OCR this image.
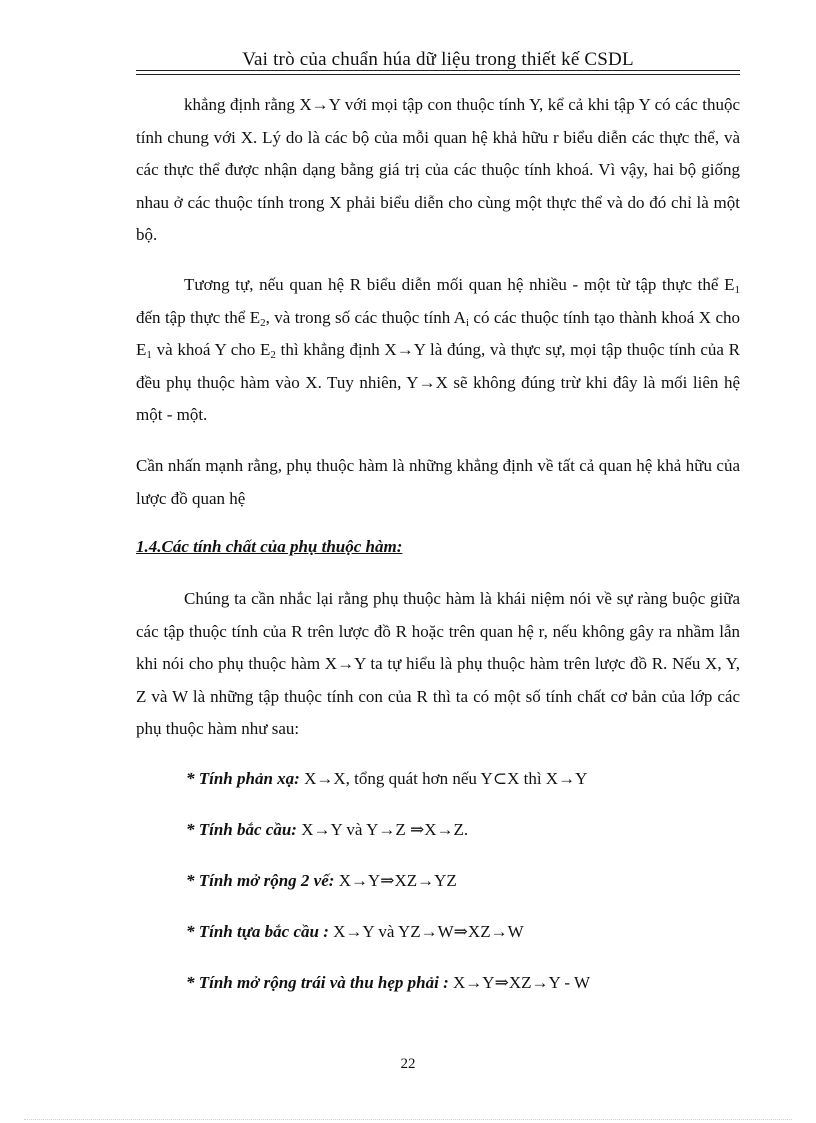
Vai trò của chuẩn húa dữ liệu trong thiết kế CSDL

khẳng định rằng X→Y với mọi tập con thuộc tính Y, kể cả khi tập Y có các thuộc tính chung với X. Lý do là các bộ của mỗi quan hệ khả hữu r biểu diễn các thực thể, và các thực thể được nhận dạng bằng giá trị của các thuộc tính khoá. Vì vậy, hai bộ giống nhau ở các thuộc tính trong X phải biểu diễn cho cùng một thực thể và do đó chỉ là một bộ.

Tương tự, nếu quan hệ R biểu diễn mối quan hệ nhiều - một từ tập thực thể $E_1$ đến tập thực thể $E_2$, và trong số các thuộc tính $A_i$ có các thuộc tính tạo thành khoá X cho $E_1$ và khoá Y cho $E_2$ thì khẳng định X→Y là đúng, và thực sự, mọi tập thuộc tính của R đều phụ thuộc hàm vào X. Tuy nhiên, Y→X sẽ không đúng trừ khi đây là mối liên hệ một - một.

Cần nhấn mạnh rằng, phụ thuộc hàm là những khẳng định về tất cả quan hệ khả hữu của lược đồ quan hệ

1.4.Các tính chất của phụ thuộc hàm:

Chúng ta cần nhắc lại rằng phụ thuộc hàm là khái niệm nói về sự ràng buộc giữa các tập thuộc tính của R trên lược đồ R hoặc trên quan hệ r, nếu không gây ra nhầm lẫn khi nói cho phụ thuộc hàm X→Y ta tự hiểu là phụ thuộc hàm trên lược đồ R. Nếu X, Y, Z và W là những tập thuộc tính con của R thì ta có một số tính chất cơ bản của lớp các phụ thuộc hàm như sau:

* Tính phản xạ: X→X, tổng quát hơn nếu Y⊂X thì X→Y

* Tính bắc cầu: X→Y và Y→Z ⇒X→Z.

* Tính mở rộng 2 vế: X→Y⇒XZ→YZ

* Tính tựa bắc cầu : X→Y và YZ→W⇒XZ→W

* Tính mở rộng trái và thu hẹp phải : X→Y⇒XZ→Y - W

22
